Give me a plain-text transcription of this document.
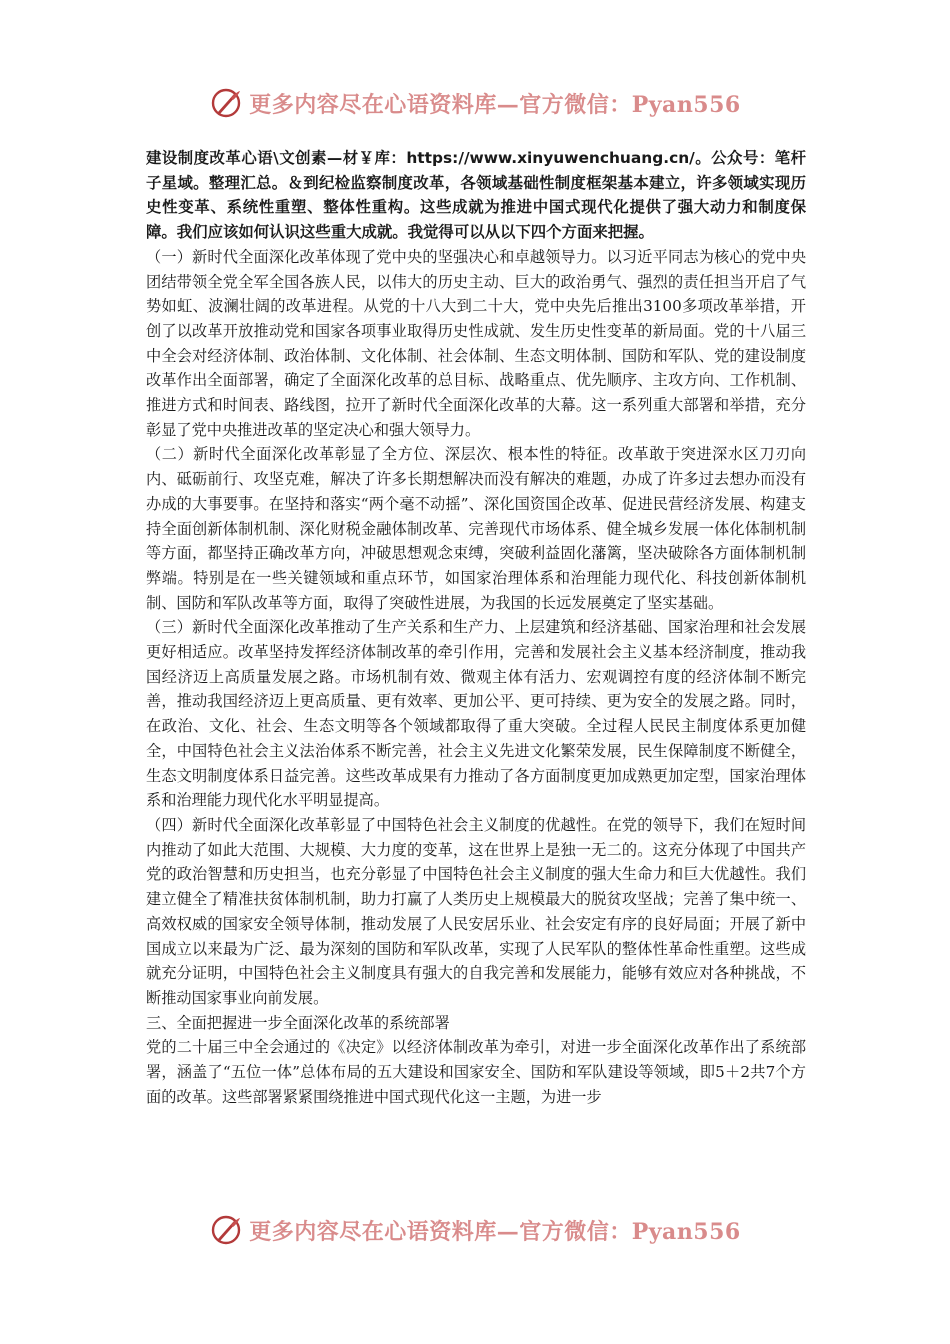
更多内容尽在心语资料库—官方微信：Pyan556

建设制度改革心语\文创素—材￥库：https://www.xinyuwenchuang.cn/。公众号：笔杆子星域。整理汇总。＆到纪检监察制度改革，各领域基础性制度框架基本建立，许多领域实现历史性变革、系统性重塑、整体性重构。这些成就为推进中国式现代化提供了强大动力和制度保障。我们应该如何认识这些重大成就。我觉得可以从以下四个方面来把握。

（一）新时代全面深化改革体现了党中央的坚强决心和卓越领导力。以习近平同志为核心的党中央团结带领全党全军全国各族人民，以伟大的历史主动、巨大的政治勇气、强烈的责任担当开启了气势如虹、波澜壮阔的改革进程。从党的十八大到二十大，党中央先后推出3100多项改革举措，开创了以改革开放推动党和国家各项事业取得历史性成就、发生历史性变革的新局面。党的十八届三中全会对经济体制、政治体制、文化体制、社会体制、生态文明体制、国防和军队、党的建设制度改革作出全面部署，确定了全面深化改革的总目标、战略重点、优先顺序、主攻方向、工作机制、推进方式和时间表、路线图，拉开了新时代全面深化改革的大幕。这一系列重大部署和举措，充分彰显了党中央推进改革的坚定决心和强大领导力。

（二）新时代全面深化改革彰显了全方位、深层次、根本性的特征。改革敢于突进深水区刀刃向内、砥砺前行、攻坚克难，解决了许多长期想解决而没有解决的难题，办成了许多过去想办而没有办成的大事要事。在坚持和落实“两个毫不动摇”、深化国资国企改革、促进民营经济发展、构建支持全面创新体制机制、深化财税金融体制改革、完善现代市场体系、健全城乡发展一体化体制机制等方面，都坚持正确改革方向，冲破思想观念束缚，突破利益固化藩篱，坚决破除各方面体制机制弊端。特别是在一些关键领域和重点环节，如国家治理体系和治理能力现代化、科技创新体制机制、国防和军队改革等方面，取得了突破性进展，为我国的长远发展奠定了坚实基础。

（三）新时代全面深化改革推动了生产关系和生产力、上层建筑和经济基础、国家治理和社会发展更好相适应。改革坚持发挥经济体制改革的牵引作用，完善和发展社会主义基本经济制度，推动我国经济迈上高质量发展之路。市场机制有效、微观主体有活力、宏观调控有度的经济体制不断完善，推动我国经济迈上更高质量、更有效率、更加公平、更可持续、更为安全的发展之路。同时，在政治、文化、社会、生态文明等各个领域都取得了重大突破。全过程人民民主制度体系更加健全，中国特色社会主义法治体系不断完善，社会主义先进文化繁荣发展，民生保障制度不断健全，生态文明制度体系日益完善。这些改革成果有力推动了各方面制度更加成熟更加定型，国家治理体系和治理能力现代化水平明显提高。

（四）新时代全面深化改革彰显了中国特色社会主义制度的优越性。在党的领导下，我们在短时间内推动了如此大范围、大规模、大力度的变革，这在世界上是独一无二的。这充分体现了中国共产党的政治智慧和历史担当，也充分彰显了中国特色社会主义制度的强大生命力和巨大优越性。我们建立健全了精准扶贫体制机制，助力打赢了人类历史上规模最大的脱贫攻坚战；完善了集中统一、高效权威的国家安全领导体制，推动发展了人民安居乐业、社会安定有序的良好局面；开展了新中国成立以来最为广泛、最为深刻的国防和军队改革，实现了人民军队的整体性革命性重塑。这些成就充分证明，中国特色社会主义制度具有强大的自我完善和发展能力，能够有效应对各种挑战，不断推动国家事业向前发展。

三、全面把握进一步全面深化改革的系统部署

党的二十届三中全会通过的《决定》以经济体制改革为牵引，对进一步全面深化改革作出了系统部署，涵盖了“五位一体”总体布局的五大建设和国家安全、国防和军队建设等领域，即5＋2共7个方面的改革。这些部署紧紧围绕推进中国式现代化这一主题，为进一步

更多内容尽在心语资料库—官方微信：Pyan556
